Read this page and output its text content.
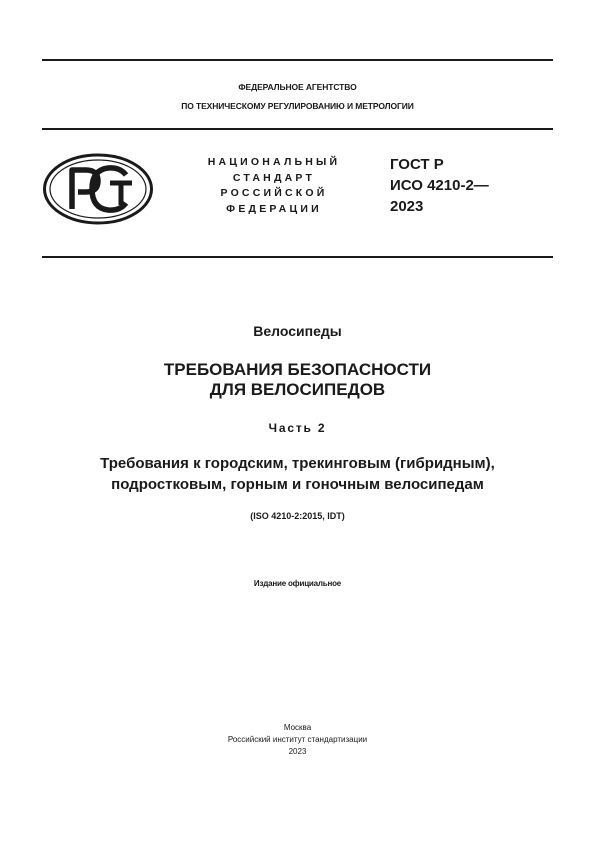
ФЕДЕРАЛЬНОЕ АГЕНТСТВО
ПО ТЕХНИЧЕСКОМУ РЕГУЛИРОВАНИЮ И МЕТРОЛОГИИ
НАЦИОНАЛЬНЫЙ
СТАНДАРТ
РОССИЙСКОЙ
ФЕДЕРАЦИИ
ГОСТ Р
ИСО 4210-2—
2023
Велосипеды
ТРЕБОВАНИЯ БЕЗОПАСНОСТИ
ДЛЯ ВЕЛОСИПЕДОВ
Часть 2
Требования к городским, трекинговым (гибридным),
подростковым, горным и гоночным велосипедам
(ISO 4210-2:2015, IDT)
Издание официальное
Москва
Российский институт стандартизации
2023
